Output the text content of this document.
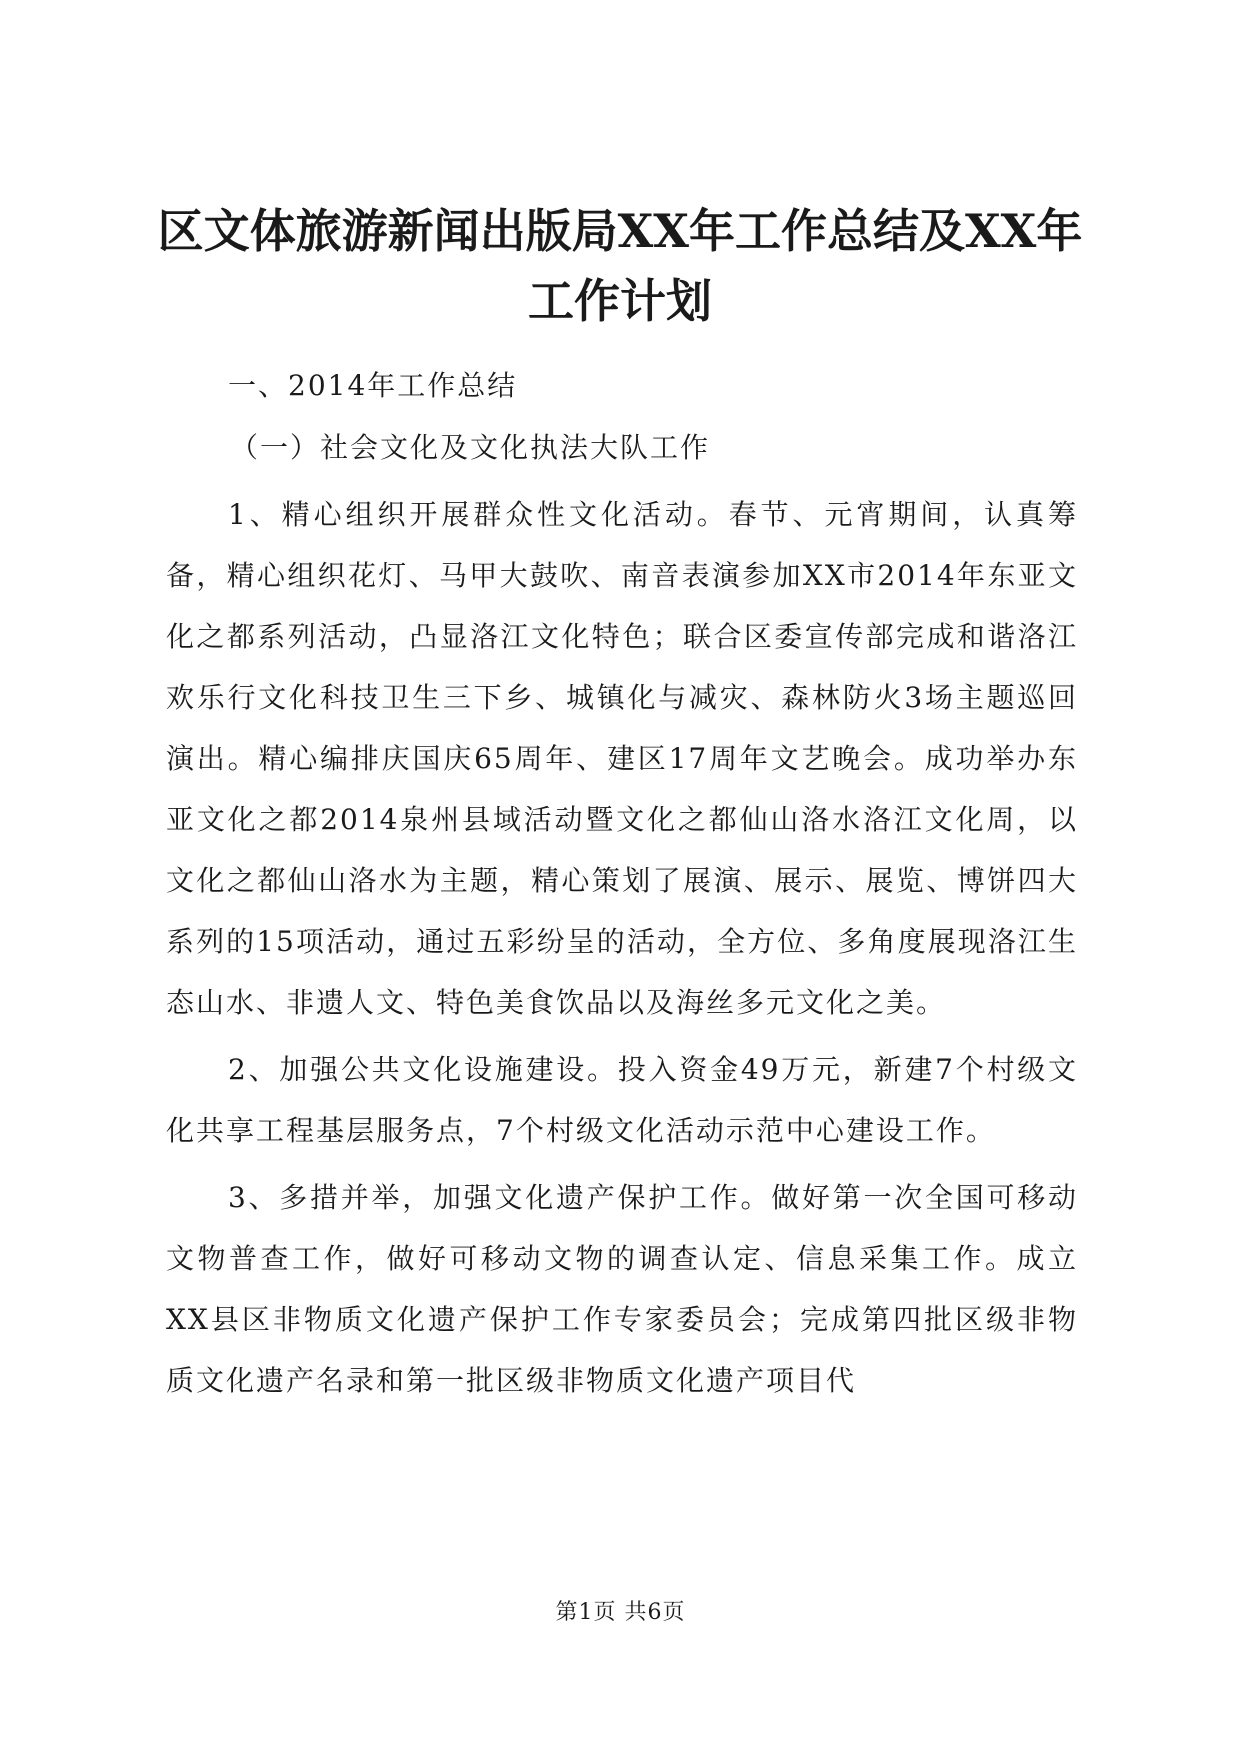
区文体旅游新闻出版局XX年工作总结及XX年工作计划

一、2014年工作总结

（一）社会文化及文化执法大队工作

1、精心组织开展群众性文化活动。春节、元宵期间，认真筹备，精心组织花灯、马甲大鼓吹、南音表演参加XX市2014年东亚文化之都系列活动，凸显洛江文化特色；联合区委宣传部完成和谐洛江欢乐行文化科技卫生三下乡、城镇化与减灾、森林防火3场主题巡回演出。精心编排庆国庆65周年、建区17周年文艺晚会。成功举办东亚文化之都2014泉州县域活动暨文化之都仙山洛水洛江文化周，以文化之都仙山洛水为主题，精心策划了展演、展示、展览、博饼四大系列的15项活动，通过五彩纷呈的活动，全方位、多角度展现洛江生态山水、非遗人文、特色美食饮品以及海丝多元文化之美。

2、加强公共文化设施建设。投入资金49万元，新建7个村级文化共享工程基层服务点，7个村级文化活动示范中心建设工作。

3、多措并举，加强文化遗产保护工作。做好第一次全国可移动文物普查工作，做好可移动文物的调查认定、信息采集工作。成立XX县区非物质文化遗产保护工作专家委员会；完成第四批区级非物质文化遗产名录和第一批区级非物质文化遗产项目代

第1页 共6页
